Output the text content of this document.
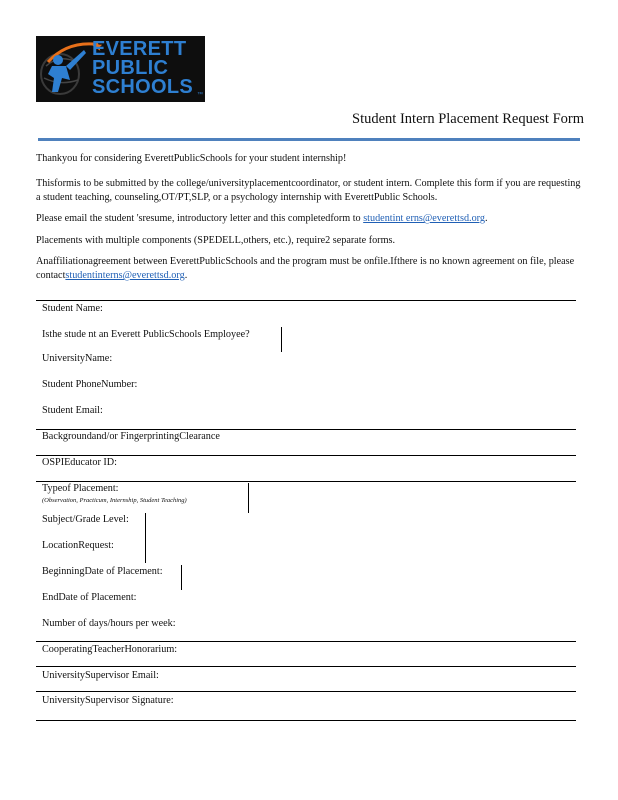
EVERETT
PUBLIC
SCHOOLS ™
Student Intern Placement Request Form
Thankyou for considering EverettPublicSchools for your student internship!
Thisformis to be submitted by the college/universityplacementcoordinator, or student intern. Complete this form if you are requesting a student teaching, counseling,OT/PT,SLP, or a psychology internship with EverettPublic Schools.
Please email the student 'sresume, introductory letter and this completedform to studentint erns@everettsd.org.
Placements with multiple components (SPEDELL,others, etc.), require2 separate forms.
Anaffiliationagreement between EverettPublicSchools and the program must be onfile.Ifthere is no known agreement on file, please contactstudentinterns@everettsd.org.
Student Name:
Isthe stude nt an Everett PublicSchools Employee?
UniversityName:
Student PhoneNumber:
Student Email:
Backgroundand/or FingerprintingClearance
OSPIEducator ID:
Typeof Placement:
(Observation, Practicum, Internship, Student Teaching)
Subject/Grade Level:
LocationRequest:
BeginningDate of Placement:
EndDate of Placement:
Number of days/hours per week:
CooperatingTeacherHonorarium:
UniversitySupervisor Email:
UniversitySupervisor Signature:
